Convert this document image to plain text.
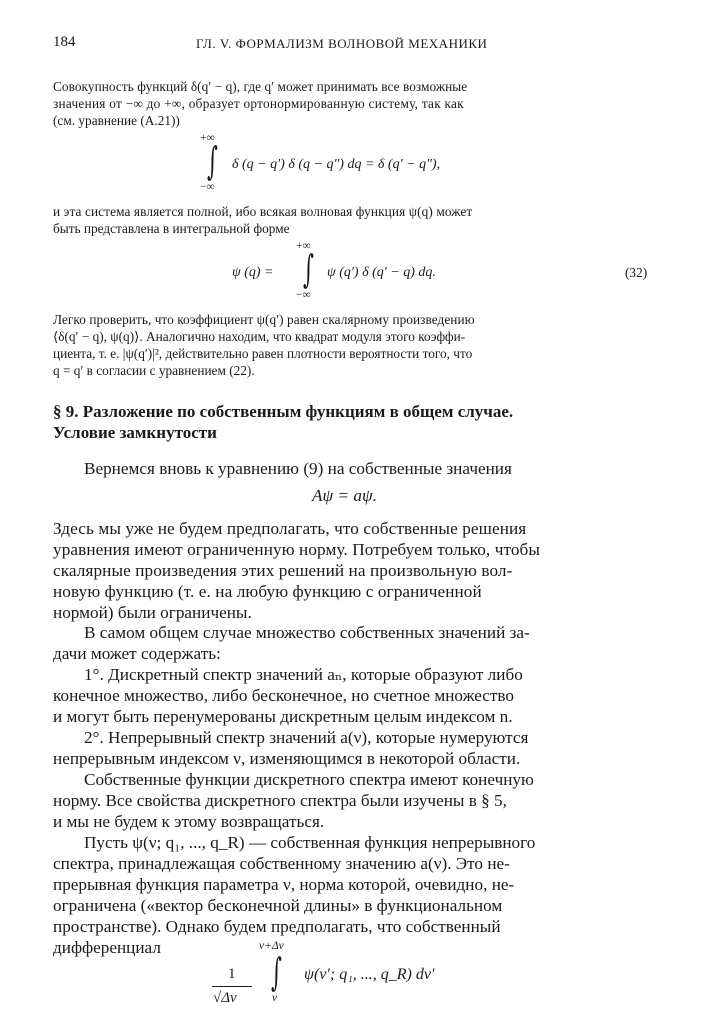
184	ГЛ. V. ФОРМАЛИЗМ ВОЛНОВОЙ МЕХАНИКИ
Совокупность функций δ(q′ − q), где q′ может принимать все возможные
значения от −∞ до +∞, образует ортонормированную систему, так как
(см. уравнение (A.21))
+∞
∫
−∞
δ (q − q′) δ (q − q″) dq = δ (q′ − q″),
и эта система является полной, ибо всякая волновая функция ψ(q) может
быть представлена в интегральной форме
ψ (q) =
+∞
∫
−∞
ψ (q′) δ (q′ − q) dq.	(32)
Легко проверить, что коэффициент ψ(q′) равен скалярному произведению
⟨δ(q′ − q), ψ(q)⟩. Аналогично находим, что квадрат модуля этого коэффи-
циента, т. е. |ψ(q′)|², действительно равен плотности вероятности того, что
q = q′ в согласии с уравнением (22).
§ 9. Разложение по собственным функциям в общем случае.
Условие замкнутости
Вернемся вновь к уравнению (9) на собственные значения
Aψ = aψ.
Здесь мы уже не будем предполагать, что собственные решения
уравнения имеют ограниченную норму. Потребуем только, чтобы
скалярные произведения этих решений на произвольную вол-
новую функцию (т. е. на любую функцию с ограниченной
нормой) были ограничены.
В самом общем случае множество собственных значений за-
дачи может содержать:
1°. Дискретный спектр значений aₙ, которые образуют либо
конечное множество, либо бесконечное, но счетное множество
и могут быть перенумерованы дискретным целым индексом n.
2°. Непрерывный спектр значений a(ν), которые нумеруются
непрерывным индексом ν, изменяющимся в некоторой области.
Собственные функции дискретного спектра имеют конечную
норму. Все свойства дискретного спектра были изучены в § 5,
и мы не будем к этому возвращаться.
Пусть ψ(ν; q₁, ..., q_R) — собственная функция непрерывного
спектра, принадлежащая собственному значению a(ν). Это не-
прерывная функция параметра ν, норма которой, очевидно, не-
ограничена («вектор бесконечной длины» в функциональном
пространстве). Однако будем предполагать, что собственный
дифференциал
1
√Δν
ν+Δν
∫
ν
ψ(ν′; q₁, ..., q_R) dν′
